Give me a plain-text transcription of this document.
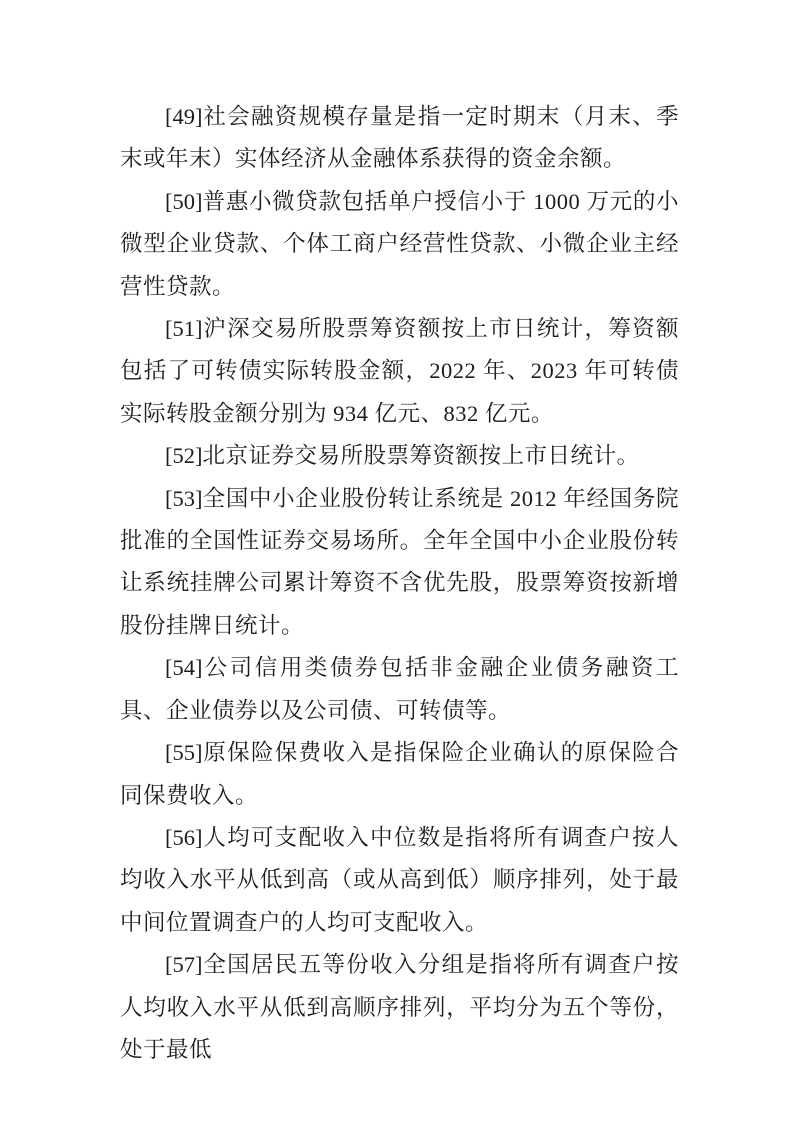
[49]社会融资规模存量是指一定时期末（月末、季末或年末）实体经济从金融体系获得的资金余额。

[50]普惠小微贷款包括单户授信小于 1000 万元的小微型企业贷款、个体工商户经营性贷款、小微企业主经营性贷款。

[51]沪深交易所股票筹资额按上市日统计，筹资额包括了可转债实际转股金额，2022 年、2023 年可转债实际转股金额分别为 934 亿元、832 亿元。

[52]北京证券交易所股票筹资额按上市日统计。

[53]全国中小企业股份转让系统是 2012 年经国务院批准的全国性证券交易场所。全年全国中小企业股份转让系统挂牌公司累计筹资不含优先股，股票筹资按新增股份挂牌日统计。

[54]公司信用类债券包括非金融企业债务融资工具、企业债券以及公司债、可转债等。

[55]原保险保费收入是指保险企业确认的原保险合同保费收入。

[56]人均可支配收入中位数是指将所有调查户按人均收入水平从低到高（或从高到低）顺序排列，处于最中间位置调查户的人均可支配收入。

[57]全国居民五等份收入分组是指将所有调查户按人均收入水平从低到高顺序排列，平均分为五个等份，处于最低
